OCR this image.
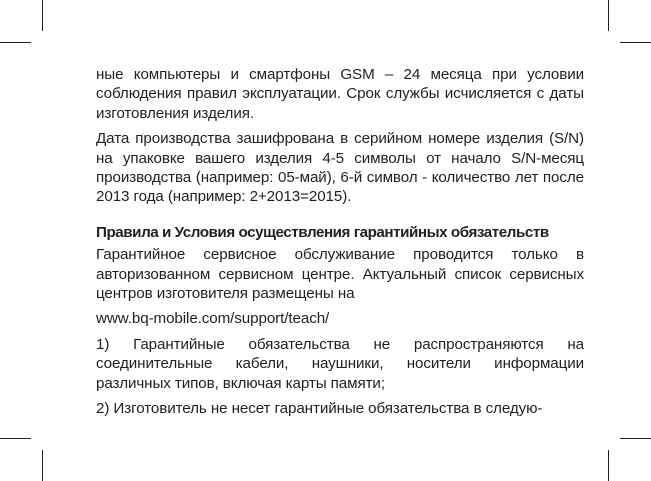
ные компьютеры и смартфоны GSM – 24 месяца при условии соблюдения правил эксплуатации. Срок службы исчисляется с даты изготовления изделия.

Дата производства зашифрована в серийном номере изделия (S/N) на упаковке вашего изделия 4-5 символы от начало S/N-месяц производства (например: 05-май), 6-й символ - количество лет после 2013 года (например: 2+2013=2015).

Правила и Условия осуществления гарантийных обязательств

Гарантийное сервисное обслуживание проводится только в авторизованном сервисном центре. Актуальный список сервисных центров изготовителя размещены на

www.bq-mobile.com/support/teach/

1) Гарантийные обязательства не распространяются на соединительные кабели, наушники, носители информации различных типов, включая карты памяти;

2) Изготовитель не несет гарантийные обязательства в следую-
